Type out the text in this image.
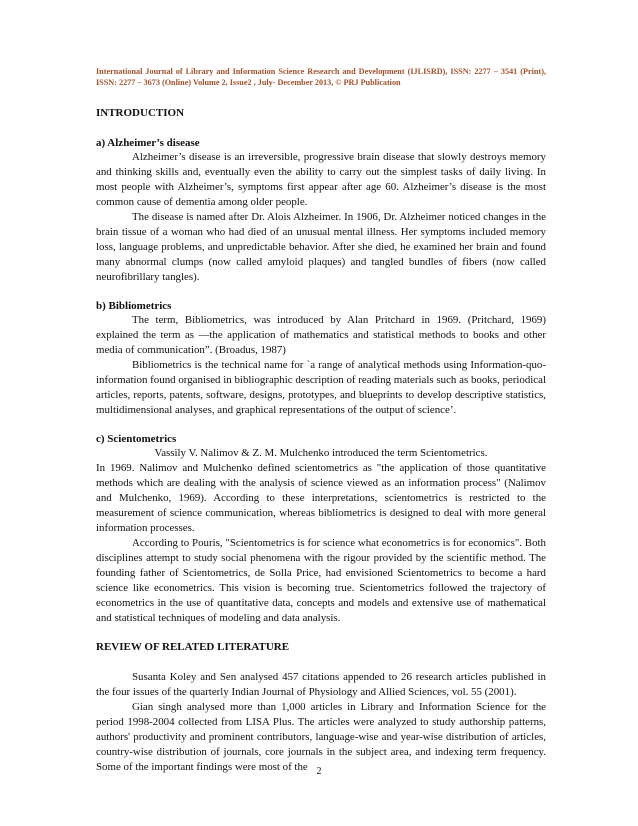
International Journal of Library and Information Science Research and Development (IJLISRD), ISSN: 2277 – 3541 (Print), ISSN: 2277 – 3673 (Online) Volume 2, Issue2 , July- December 2013, © PRJ Publication
INTRODUCTION
a) Alzheimer’s disease

Alzheimer’s disease is an irreversible, progressive brain disease that slowly destroys memory and thinking skills and, eventually even the ability to carry out the simplest tasks of daily living. In most people with Alzheimer’s, symptoms first appear after age 60. Alzheimer’s disease is the most common cause of dementia among older people.

The disease is named after Dr. Alois Alzheimer. In 1906, Dr. Alzheimer noticed changes in the brain tissue of a woman who had died of an unusual mental illness. Her symptoms included memory loss, language problems, and unpredictable behavior. After she died, he examined her brain and found many abnormal clumps (now called amyloid plaques) and tangled bundles of fibers (now called neurofibrillary tangles).

b) Bibliometrics

The term, Bibliometrics, was introduced by Alan Pritchard in 1969. (Pritchard, 1969) explained the term as ―the application of mathematics and statistical methods to books and other media of communication”. (Broadus, 1987)

Bibliometrics is the technical name for `a range of analytical methods using Information-quo-information found organised in bibliographic description of reading materials such as books, periodical articles, reports, patents, software, designs, prototypes, and blueprints to develop descriptive statistics, multidimensional analyses, and graphical representations of the output of science’.

c) Scientometrics

Vassily V. Nalimov & Z. M. Mulchenko introduced the term Scientometrics.

In 1969. Nalimov and Mulchenko defined scientometrics as "the application of those quantitative methods which are dealing with the analysis of science viewed as an information process" (Nalimov and Mulchenko, 1969). According to these interpretations, scientometrics is restricted to the measurement of science communication, whereas bibliometrics is designed to deal with more general information processes.

According to Pouris, "Scientometrics is for science what econometrics is for economics". Both disciplines attempt to study social phenomena with the rigour provided by the scientific method. The founding father of Scientometrics, de Solla Price, had envisioned Scientometrics to become a hard science like econometrics. This vision is becoming true. Scientometrics followed the trajectory of econometrics in the use of quantitative data, concepts and models and extensive use of mathematical and statistical techniques of modeling and data analysis.

REVIEW OF RELATED LITERATURE

Susanta Koley and Sen analysed 457 citations appended to 26 research articles published in the four issues of the quarterly Indian Journal of Physiology and Allied Sciences, vol. 55 (2001).

Gian singh analysed more than 1,000 articles in Library and Information Science for the period 1998-2004 collected from LISA Plus. The articles were analyzed to study authorship patterns, authors' productivity and prominent contributors, language-wise and year-wise distribution of articles, country-wise distribution of journals, core journals in the subject area, and indexing term frequency. Some of the important findings were most of the 2
